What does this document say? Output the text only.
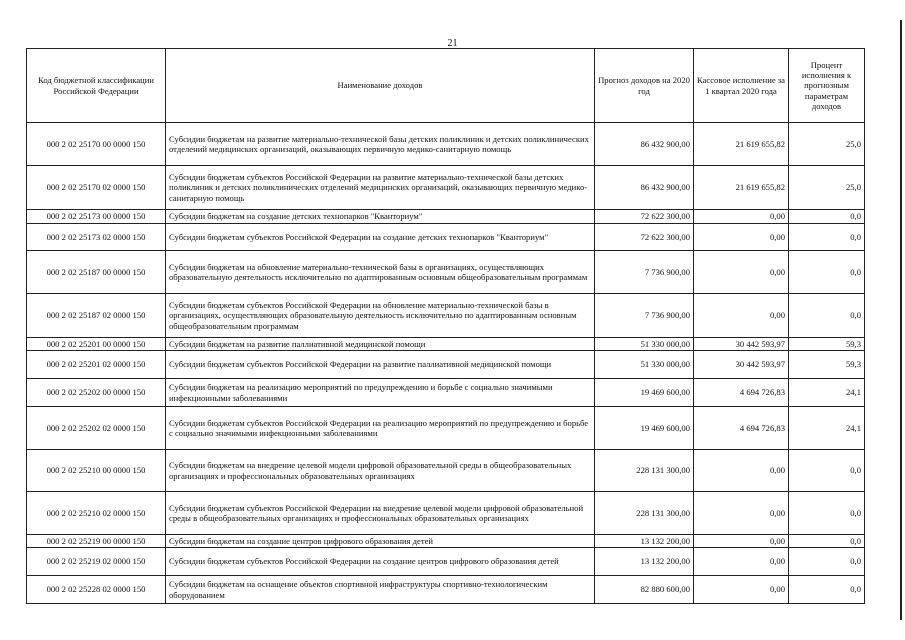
21
Код бюджетной классификации Российской Федерации	Наименование доходов	Прогноз доходов на 2020 год	Кассовое исполнение за 1 квартал 2020 года	Процент исполнения к прогнозным параметрам доходов
000 2 02 25170 00 0000 150	Субсидии бюджетам на развитие материально-технической базы детских поликлиник и детских поликлинических отделений медицинских организаций, оказывающих первичную медико-санитарную помощь	86 432 900,00	21 619 655,82	25,0
000 2 02 25170 02 0000 150	Субсидии бюджетам субъектов Российской Федерации на развитие материально-технической базы детских поликлиник и детских поликлинических отделений медицинских организаций, оказывающих первичную медико-санитарную помощь	86 432 900,00	21 619 655,82	25,0
000 2 02 25173 00 0000 150	Субсидии бюджетам на создание детских технопарков "Кванториум"	72 622 300,00	0,00	0,0
000 2 02 25173 02 0000 150	Субсидии бюджетам субъектов Российской Федерации на создание детских технопарков "Кванториум"	72 622 300,00	0,00	0,0
000 2 02 25187 00 0000 150	Субсидии бюджетам на обновление материально-технической базы в организациях, осуществляющих образовательную деятельность исключительно по адаптированным основным общеобразовательным программам	7 736 900,00	0,00	0,0
000 2 02 25187 02 0000 150	Субсидии бюджетам субъектов Российской Федерации на обновление материально-технической базы в организациях, осуществляющих образовательную деятельность исключительно по адаптированным основным общеобразовательным программам	7 736 900,00	0,00	0,0
000 2 02 25201 00 0000 150	Субсидии бюджетам на развитие паллиативной медицинской помощи	51 330 000,00	30 442 593,97	59,3
000 2 02 25201 02 0000 150	Субсидии бюджетам субъектов Российской Федерации на развитие паллиативной медицинской помощи	51 330 000,00	30 442 593,97	59,3
000 2 02 25202 00 0000 150	Субсидии бюджетам на реализацию мероприятий по предупреждению и борьбе с социально значимыми инфекционными заболеваниями	19 469 600,00	4 694 726,83	24,1
000 2 02 25202 02 0000 150	Субсидии бюджетам субъектов Российской Федерации на реализацию мероприятий по предупреждению и борьбе с социально значимыми инфекционными заболеваниями	19 469 600,00	4 694 726,83	24,1
000 2 02 25210 00 0000 150	Субсидии бюджетам на внедрение целевой модели цифровой образовательной среды в общеобразовательных организациях и профессиональных образовательных организациях	228 131 300,00	0,00	0,0
000 2 02 25210 02 0000 150	Субсидии бюджетам субъектов Российской Федерации на внедрение целевой модели цифровой образовательной среды в общеобразовательных организациях и профессиональных образовательных организациях	228 131 300,00	0,00	0,0
000 2 02 25219 00 0000 150	Субсидии бюджетам на создание центров цифрового образования детей	13 132 200,00	0,00	0,0
000 2 02 25219 02 0000 150	Субсидии бюджетам субъектов Российской Федерации на создание центров цифрового образования детей	13 132 200,00	0,00	0,0
000 2 02 25228 02 0000 150	Субсидии бюджетам на оснащение объектов спортивной инфраструктуры спортивно-технологическим оборудованием	82 880 600,00	0,00	0,0
